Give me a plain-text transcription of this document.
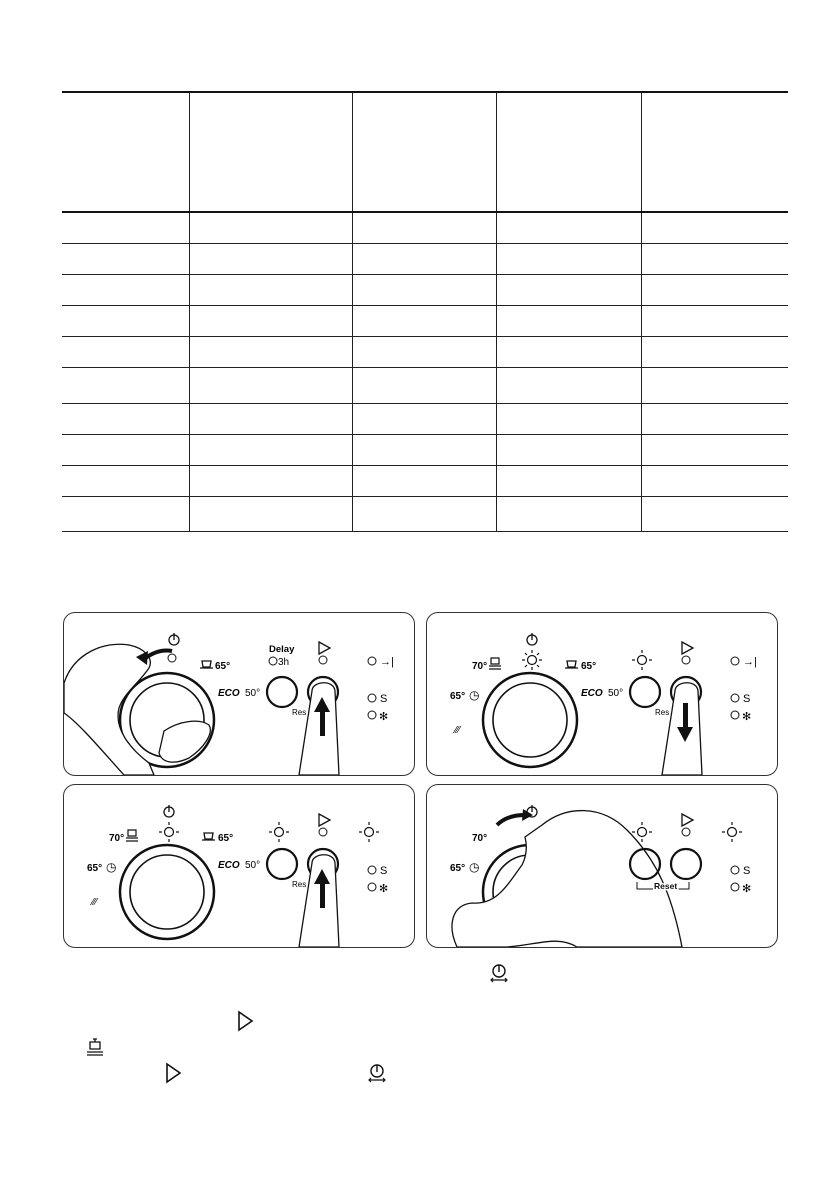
65°
ECO 50°
Delay
3h
Res
→|
S
✻
70°	65°
65° ◷
⁄⁄⁄
ECO 50°
Res
→|
S
✻
70°	65°
65° ◷
⁄⁄⁄
ECO 50°
Res
S
✻
70°
65° ◷
Reset
S
✻
